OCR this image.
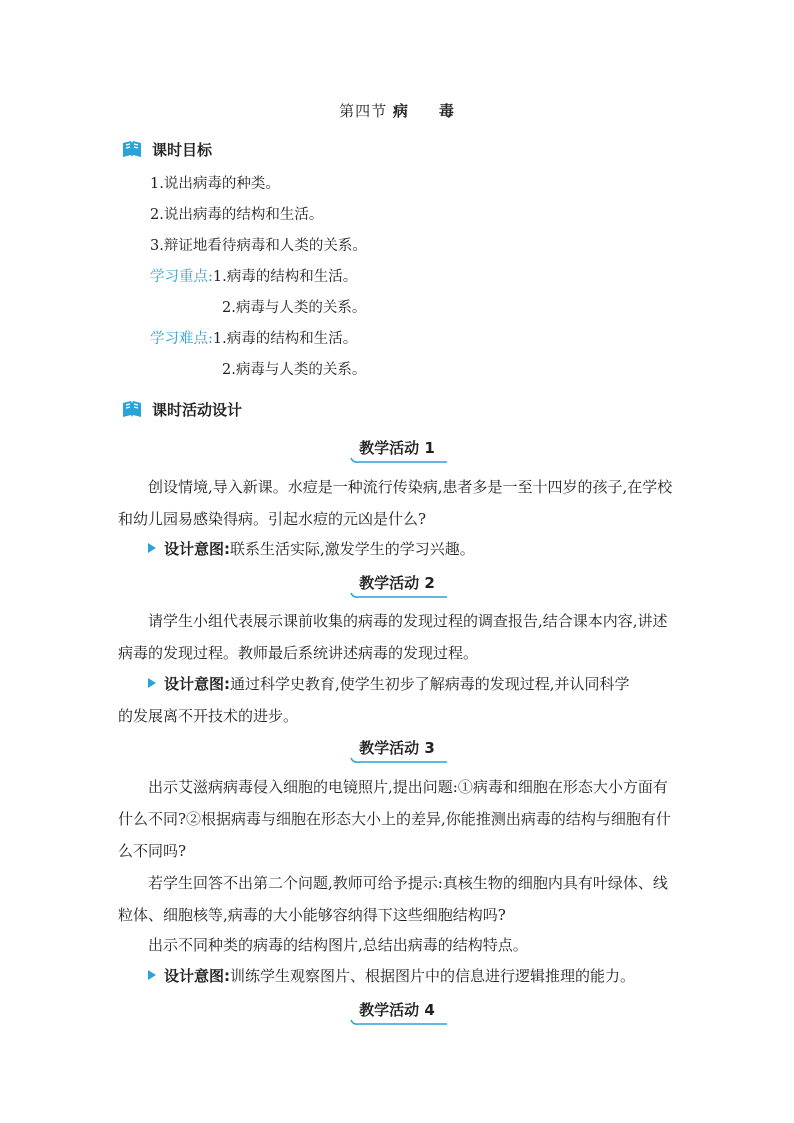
第四节 病 毒
课时目标
1.说出病毒的种类。
2.说出病毒的结构和生活。
3.辩证地看待病毒和人类的关系。
学习重点:1.病毒的结构和生活。
2.病毒与人类的关系。
学习难点:1.病毒的结构和生活。
2.病毒与人类的关系。
课时活动设计
教学活动 1
创设情境,导入新课。水痘是一种流行传染病,患者多是一至十四岁的孩子,在学校和幼儿园易感染得病。引起水痘的元凶是什么?
设计意图:联系生活实际,激发学生的学习兴趣。
教学活动 2
请学生小组代表展示课前收集的病毒的发现过程的调查报告,结合课本内容,讲述病毒的发现过程。教师最后系统讲述病毒的发现过程。
设计意图:通过科学史教育,使学生初步了解病毒的发现过程,并认同科学
的发展离不开技术的进步。
教学活动 3
出示艾滋病病毒侵入细胞的电镜照片,提出问题:①病毒和细胞在形态大小方面有什么不同?②根据病毒与细胞在形态大小上的差异,你能推测出病毒的结构与细胞有什么不同吗?
若学生回答不出第二个问题,教师可给予提示:真核生物的细胞内具有叶绿体、线粒体、细胞核等,病毒的大小能够容纳得下这些细胞结构吗?
出示不同种类的病毒的结构图片,总结出病毒的结构特点。
设计意图:训练学生观察图片、根据图片中的信息进行逻辑推理的能力。
教学活动 4
